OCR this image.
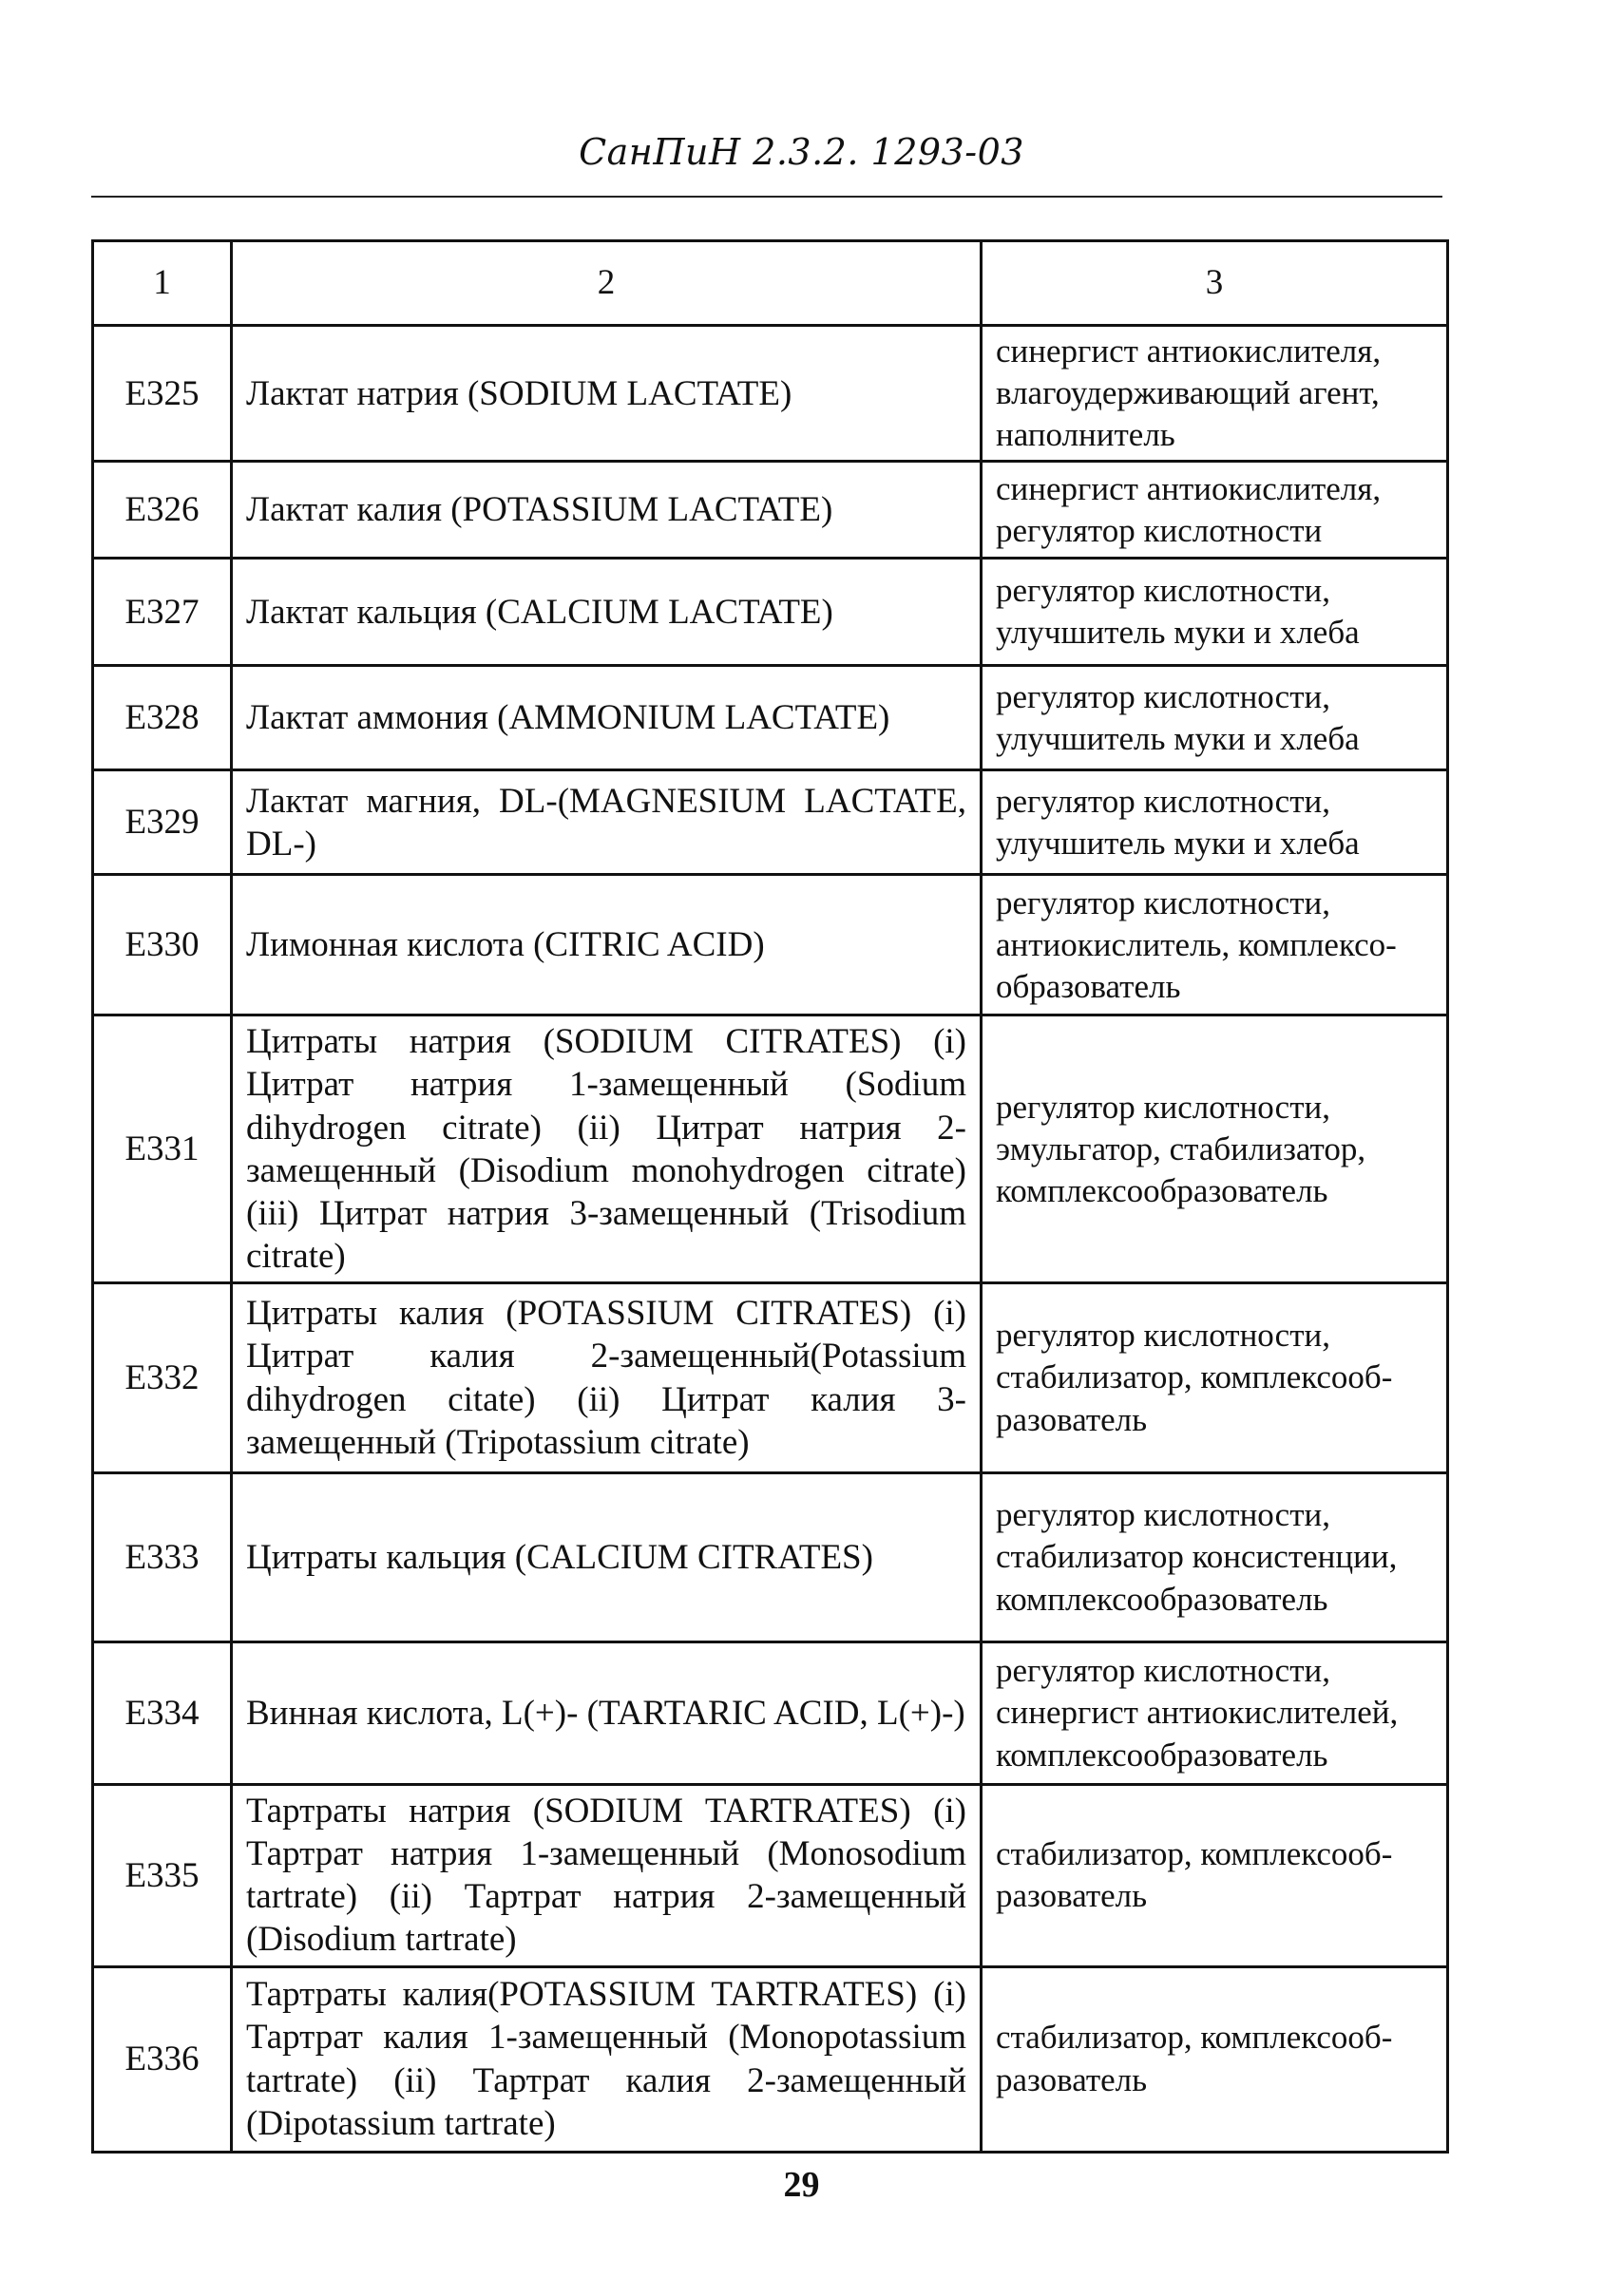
СанПиН 2.3.2. 1293-03
1	2	3
E325	Лактат натрия (SODIUM LACTATE)	синергист антиокислителя, влагоудерживающий агент, наполнитель
E326	Лактат калия (POTASSIUM LACTATE)	синергист антиокислителя, регулятор кислотности
E327	Лактат кальция (CALCIUM LACTATE)	регулятор кислотности, улучшитель муки и хлеба
E328	Лактат аммония (AMMONIUM LACTATE)	регулятор кислотности, улучшитель муки и хлеба
E329	Лактат магния, DL-(MAGNESIUM LACTATE, DL-)	регулятор кислотности, улучшитель муки и хлеба
E330	Лимонная кислота (CITRIC ACID)	регулятор кислотности, антиокислитель, комплексо-образователь
E331	Цитраты натрия (SODIUM CITRATES) (i) Цитрат натрия 1-замещенный (Sodium dihydrogen citrate) (ii) Цитрат натрия 2-замещенный (Disodium monohydrogen citrate) (iii) Цитрат натрия 3-замещенный (Trisodium citrate)	регулятор кислотности, эмульгатор, стабилизатор, комплексообразователь
E332	Цитраты калия (POTASSIUM CITRATES) (i) Цитрат калия 2-замещенный(Potassium dihydrogen citate) (ii) Цитрат калия 3-замещенный (Tripotassium citrate)	регулятор кислотности, стабилизатор, комплексооб-разователь
E333	Цитраты кальция (CALCIUM CITRATES)	регулятор кислотности, стабилизатор консистенции, комплексообразователь
E334	Винная кислота, L(+)- (TARTARIC ACID, L(+)-)	регулятор кислотности, синергист антиокислителей, комплексообразователь
E335	Тартраты натрия (SODIUM TARTRATES) (i) Тартрат натрия 1-замещенный (Monosodium tartrate) (ii) Тартрат натрия 2-замещенный (Disodium tartrate)	стабилизатор, комплексооб-разователь
E336	Тартраты калия(POTASSIUM TARTRATES) (i) Тартрат калия 1-замещенный (Monopotassium tartrate) (ii) Тартрат калия 2-замещенный (Dipotassium tartrate)	стабилизатор, комплексооб-разователь
29
